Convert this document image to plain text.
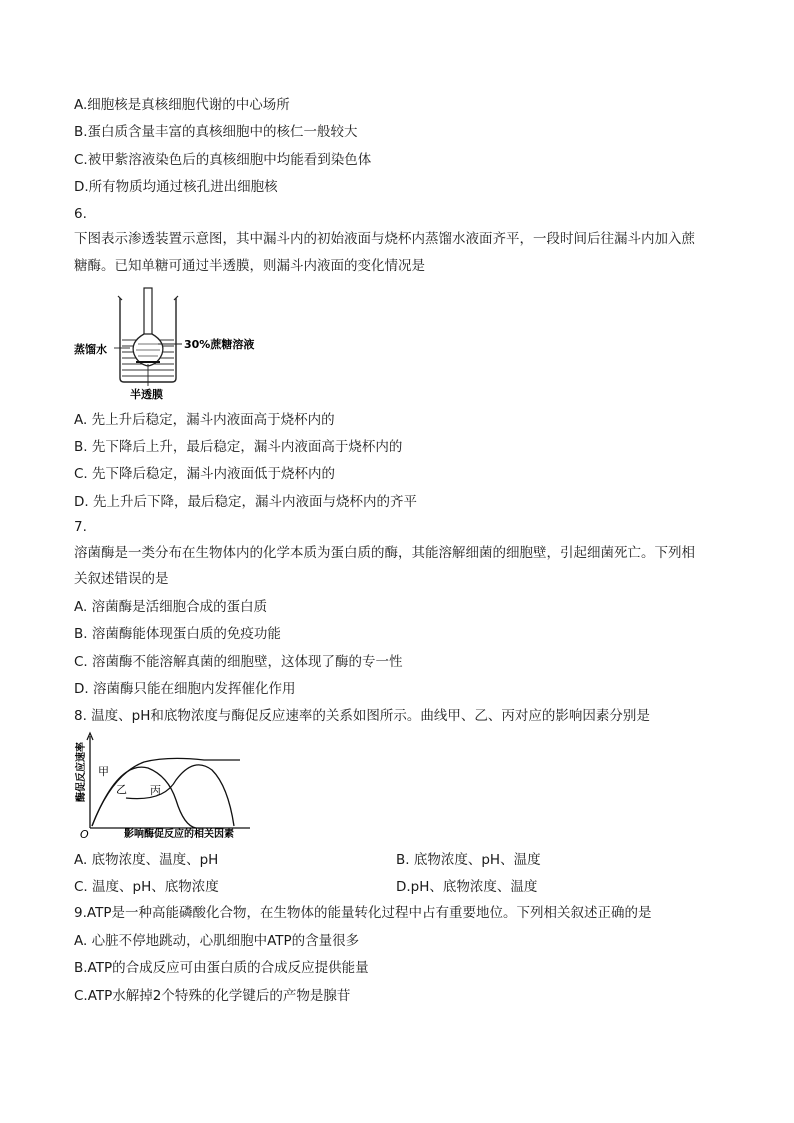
A.细胞核是真核细胞代谢的中心场所
B.蛋白质含量丰富的真核细胞中的核仁一般较大
C.被甲紫溶液染色后的真核细胞中均能看到染色体
D.所有物质均通过核孔进出细胞核
6.
下图表示渗透装置示意图，其中漏斗内的初始液面与烧杯内蒸馏水液面齐平，一段时间后往漏斗内加入蔗
糖酶。已知单糖可通过半透膜，则漏斗内液面的变化情况是
蒸馏水	30%蔗糖溶液
半透膜
A. 先上升后稳定，漏斗内液面高于烧杯内的
B. 先下降后上升，最后稳定，漏斗内液面高于烧杯内的
C. 先下降后稳定，漏斗内液面低于烧杯内的
D. 先上升后下降，最后稳定，漏斗内液面与烧杯内的齐平
7.
溶菌酶是一类分布在生物体内的化学本质为蛋白质的酶，其能溶解细菌的细胞壁，引起细菌死亡。下列相
关叙述错误的是
A. 溶菌酶是活细胞合成的蛋白质
B. 溶菌酶能体现蛋白质的免疫功能
C. 溶菌酶不能溶解真菌的细胞壁，这体现了酶的专一性
D. 溶菌酶只能在细胞内发挥催化作用
8. 温度、pH和底物浓度与酶促反应速率的关系如图所示。曲线甲、乙、丙对应的影响因素分别是
酶促反应速率
O	影响酶促反应的相关因素
甲
乙 丙
A. 底物浓度、温度、pH	B. 底物浓度、pH、温度
C. 温度、pH、底物浓度	D.pH、底物浓度、温度
9.ATP是一种高能磷酸化合物，在生物体的能量转化过程中占有重要地位。下列相关叙述正确的是
A. 心脏不停地跳动，心肌细胞中ATP的含量很多
B.ATP的合成反应可由蛋白质的合成反应提供能量
C.ATP水解掉2个特殊的化学键后的产物是腺苷
